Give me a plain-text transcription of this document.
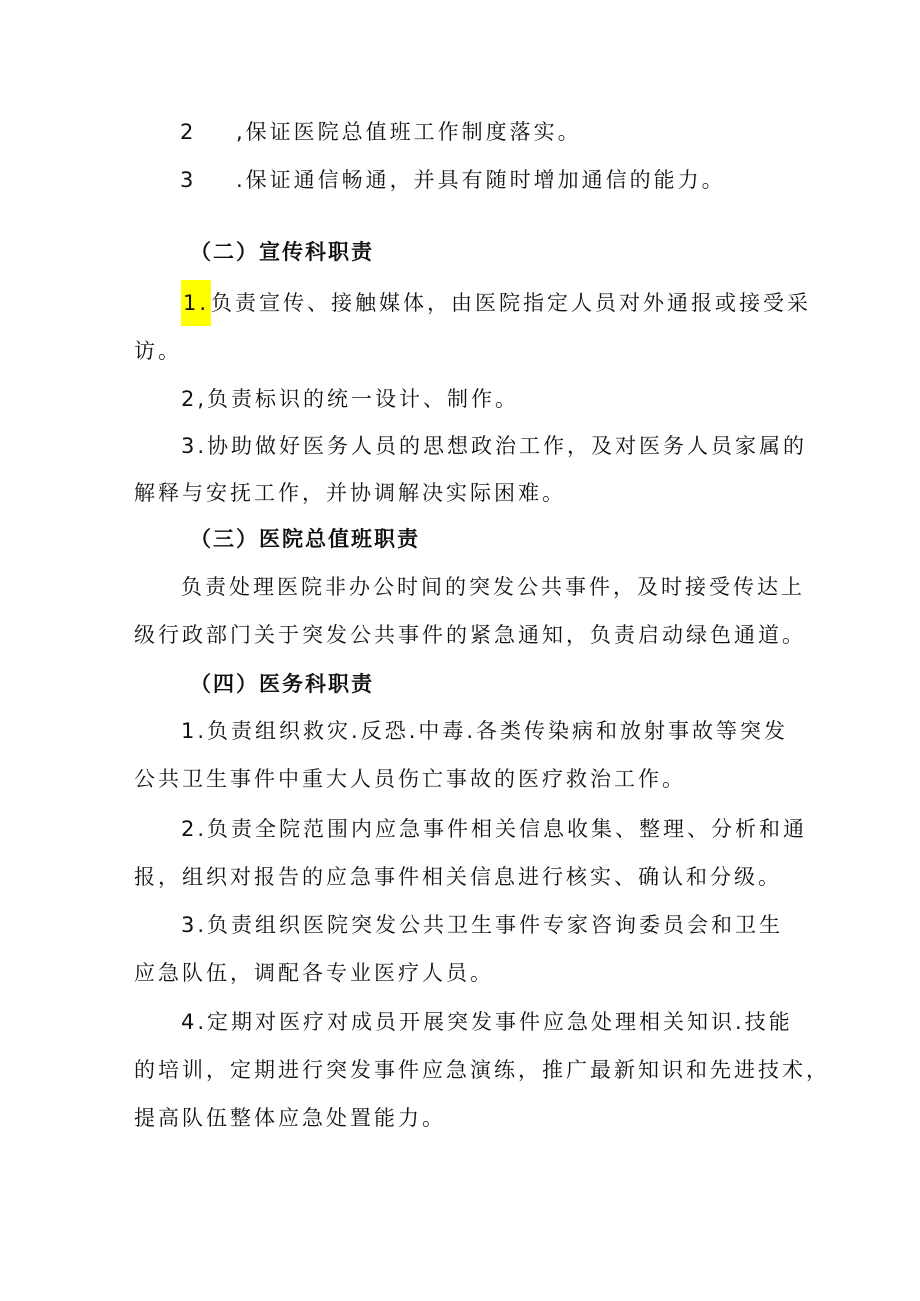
2 ,保证医院总值班工作制度落实。
3 .保证通信畅通，并具有随时增加通信的能力。
（二）宣传科职责
1.负责宣传、接触媒体，由医院指定人员对外通报或接受采
访。
2,负责标识的统一设计、制作。
3.协助做好医务人员的思想政治工作，及对医务人员家属的
解释与安抚工作，并协调解决实际困难。
（三）医院总值班职责
负责处理医院非办公时间的突发公共事件，及时接受传达上
级行政部门关于突发公共事件的紧急通知，负责启动绿色通道。
（四）医务科职责
1.负责组织救灾.反恐.中毒.各类传染病和放射事故等突发
公共卫生事件中重大人员伤亡事故的医疗救治工作。
2.负责全院范围内应急事件相关信息收集、整理、分析和通
报，组织对报告的应急事件相关信息进行核实、确认和分级。
3.负责组织医院突发公共卫生事件专家咨询委员会和卫生
应急队伍，调配各专业医疗人员。
4.定期对医疗对成员开展突发事件应急处理相关知识.技能
的培训，定期进行突发事件应急演练，推广最新知识和先进技术，
提高队伍整体应急处置能力。
